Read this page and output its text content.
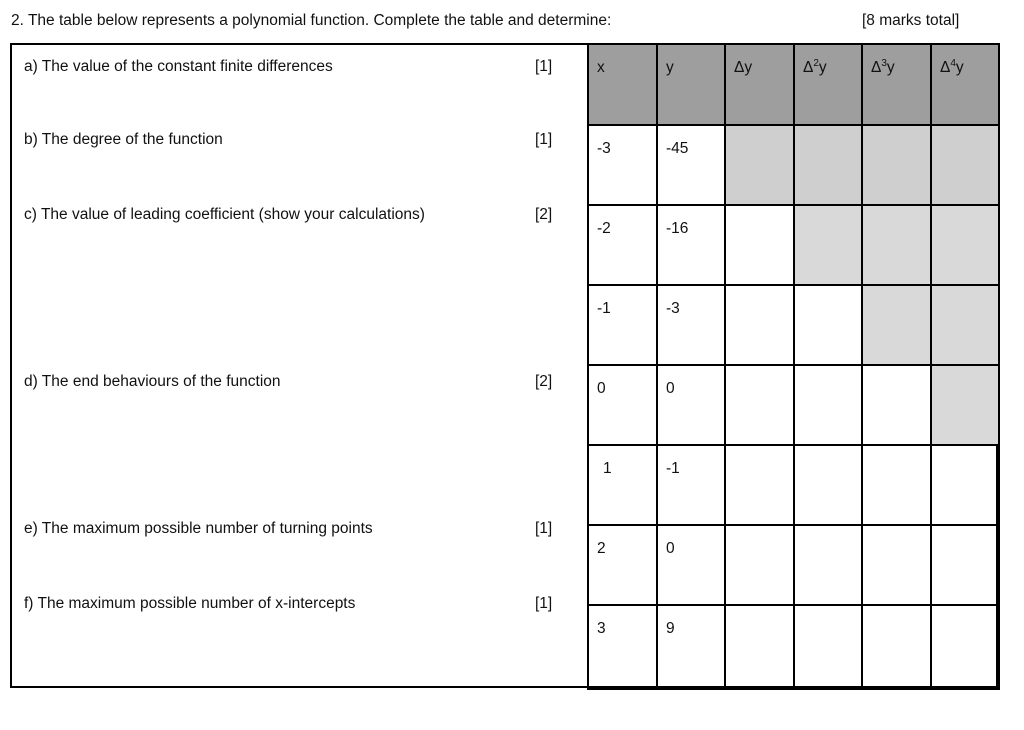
2. The table below represents a polynomial function. Complete the table and determine:	[8 marks total]
a) The value of the constant finite differences	[1]
b) The degree of the function	[1]
c) The value of leading coefficient (show your calculations)	[2]
d) The end behaviours of the function	[2]
e) The maximum possible number of turning points	[1]
f) The maximum possible number of x-intercepts	[1]
x	y	Δy	$\Delta^2y$	$\Delta^3y$	$\Delta^4y$

-3	-45				

-2	-16				

-1	-3				

0	0				

1	-1				

2	0				

3	9				
